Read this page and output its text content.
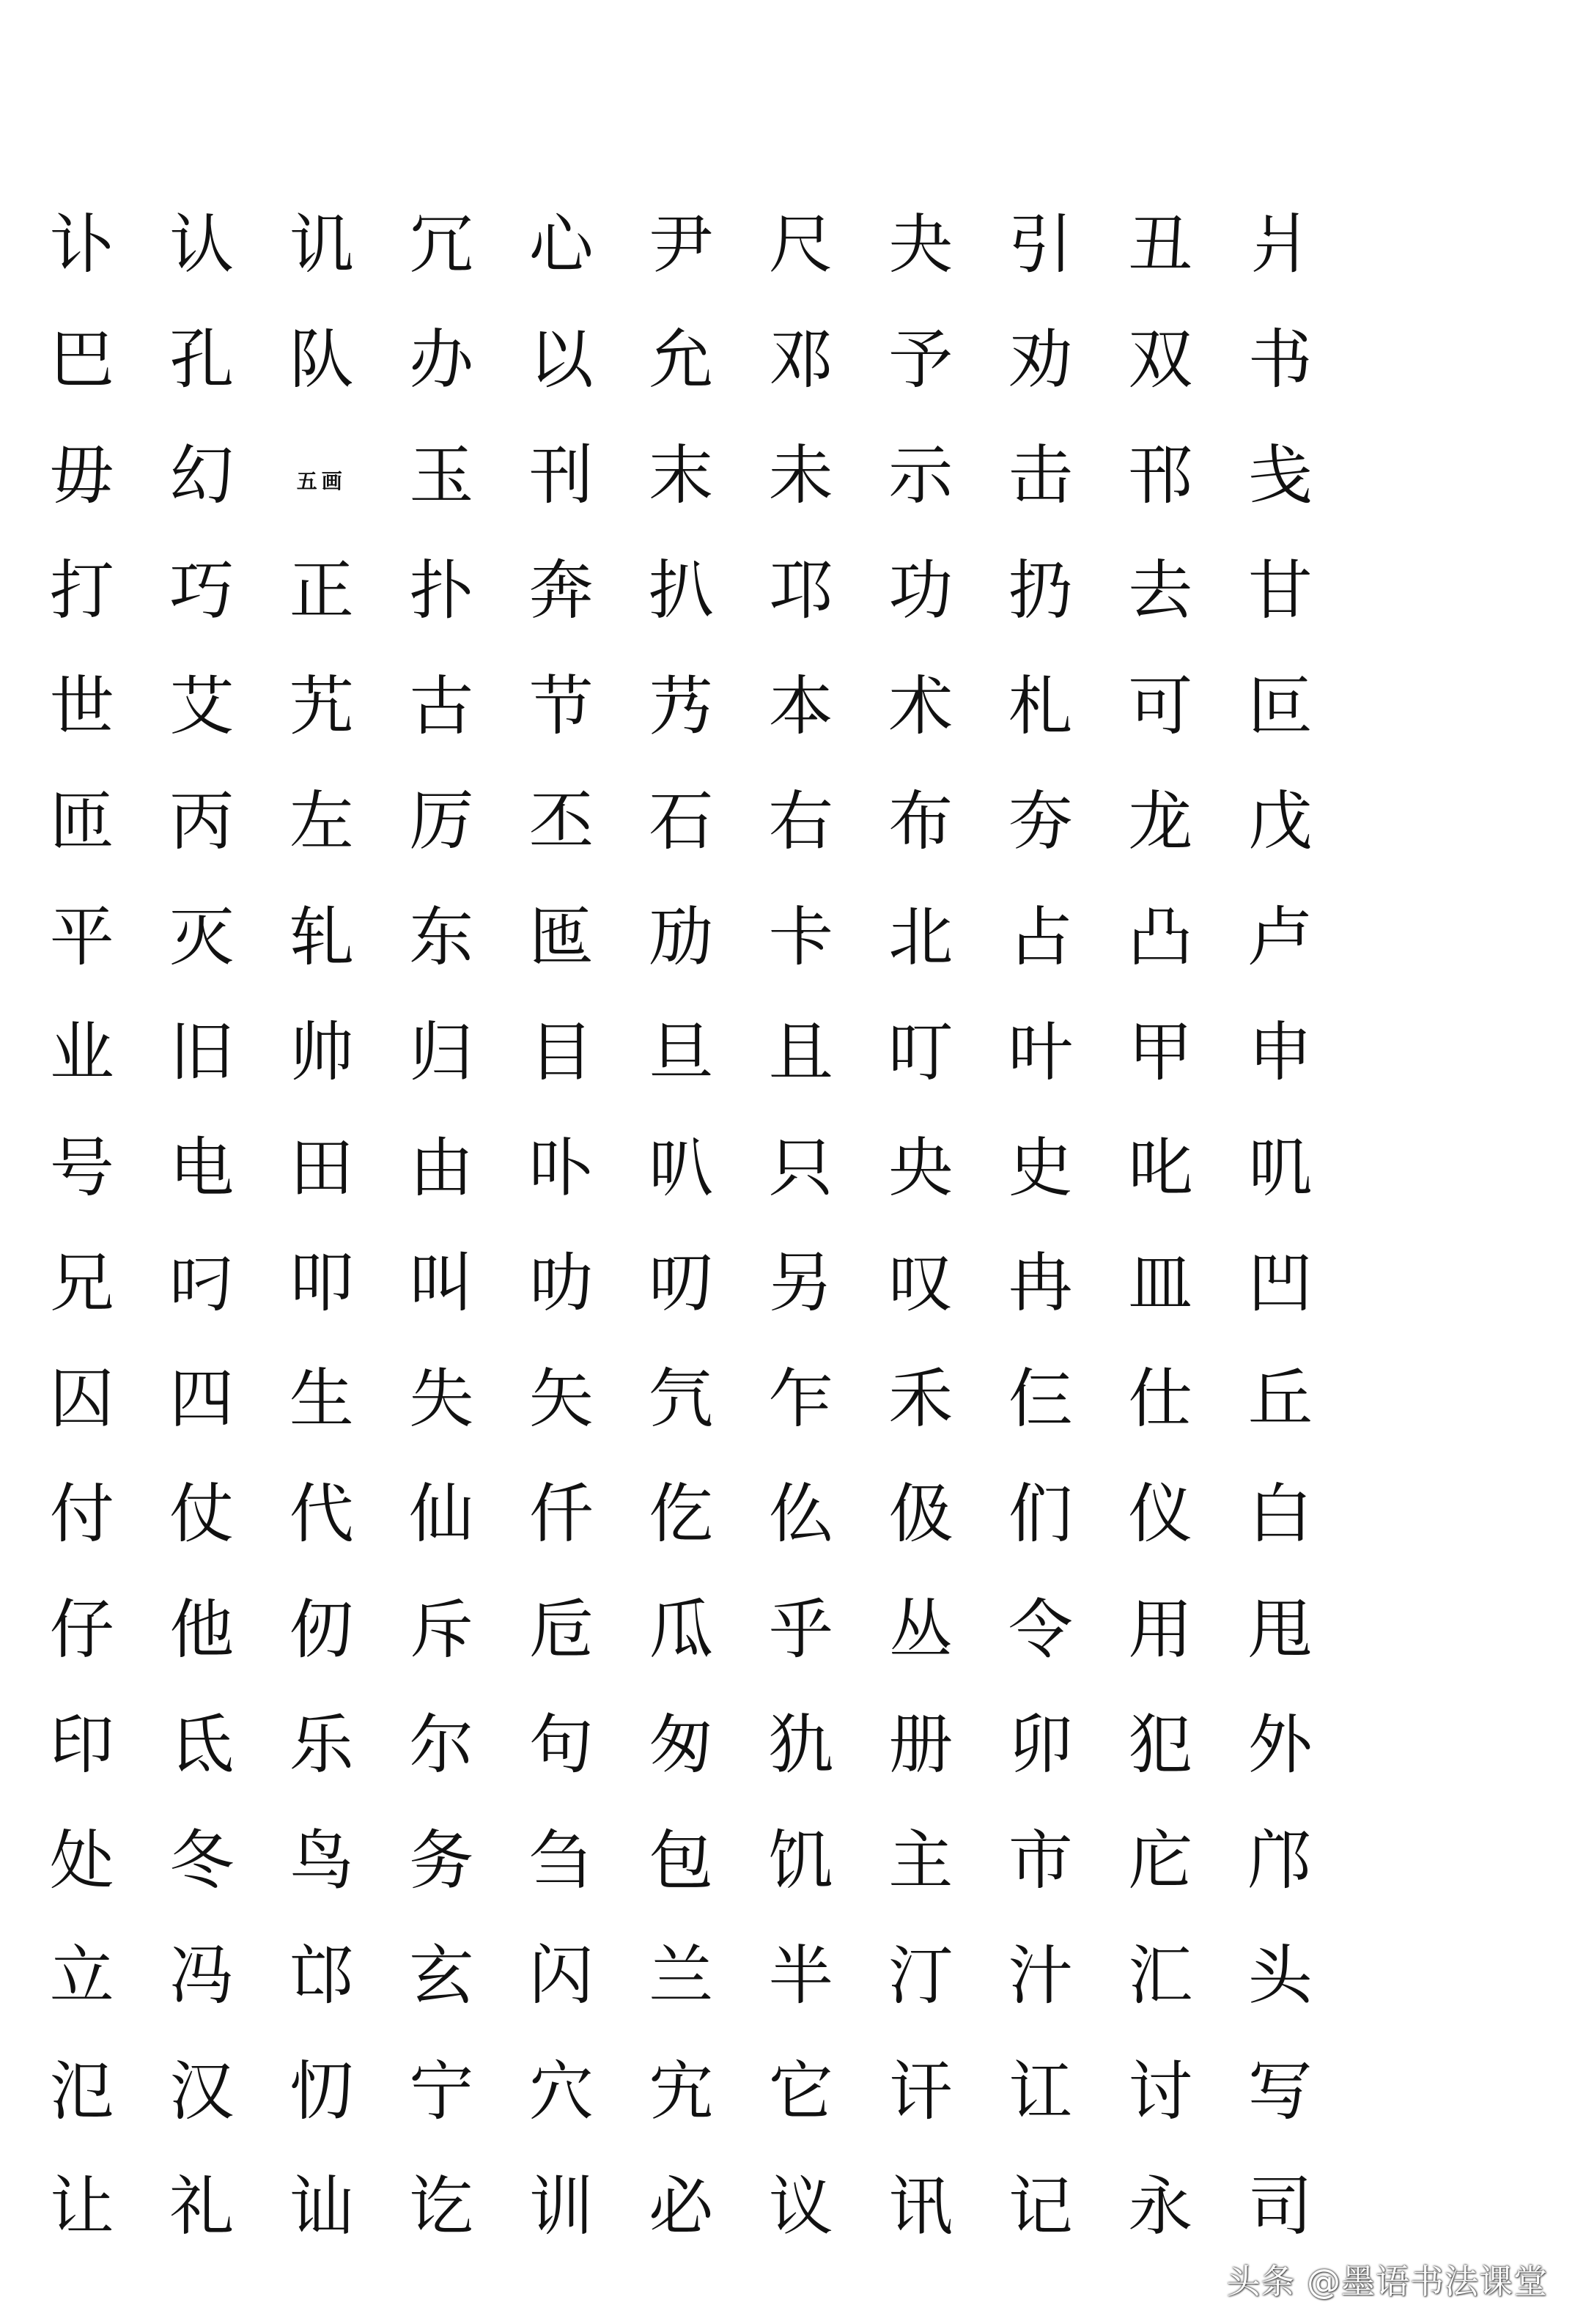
讣 认 讥 冗 心 尹 尺 夬 引 丑 爿
巴 孔 队 办 以 允 邓 予 劝 双 书
毋 幻	五画 玉 刊 末 未 示 击 邗 戋
打 巧 正 扑 奔 扒 邛 功 扔 去 甘
世 艾 艽 古 节 艿 本 术 札 可 叵
匝 丙 左 厉 丕 石 右 布 夯 龙 戊
平 灭 轧 东 匜 劢 卡 北 占 凸 卢
业 旧 帅 归 目 旦 且 叮 叶 甲 申
号 电 田 由 卟 叭 只 央 史 叱 叽
兄 叼 叩 叫 叻 叨 另 叹 冉 皿 凹
囚 四 生 失 矢 氕 乍 禾 仨 仕 丘
付 仗 代 仙 仟 仡 仫 伋 们 仪 白
仔 他 仞 斥 卮 瓜 乎 丛 令 用 甩
印 氐 乐 尔 句 匆 犰 册 卯 犯 外
处 冬 鸟 务 刍 包 饥 主 市 庀 邝
立 冯 邙 玄 闪 兰 半 汀 汁 汇 头
氾 汉 忉 宁 穴 宄 它 讦 讧 讨 写
让 礼 讪 讫 训 必 议 讯 记 永 司
头条 @墨语书法课堂
